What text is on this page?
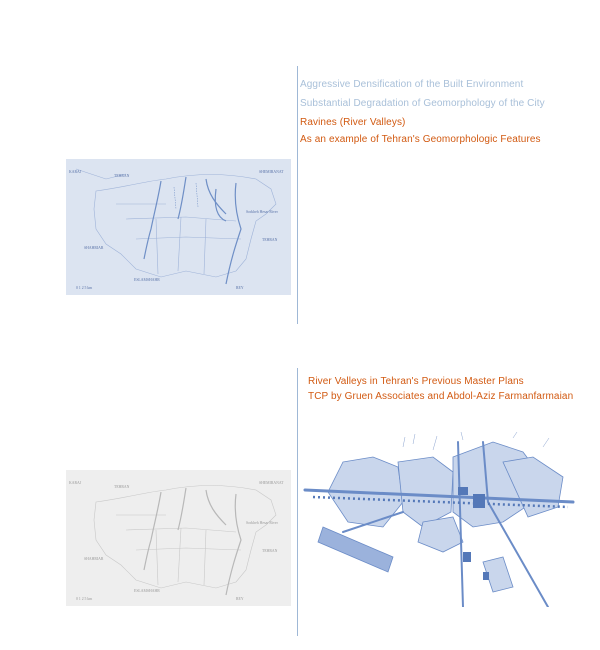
Aggressive Densification of the Built Environment
Substantial Degradation of Geomorphology of the City
Ravines (River Valleys)
As an example of Tehran's Geomorphologic Features
River Valleys in Tehran's Previous Master Plans
TCP by Gruen Associates and Abdol-Aziz Farmanfarmaian
KARAJ
TEHRAN
SHEMIRANAT
SHAHRIAR
TEHRAN
ESLAMSHAHR
REY
Sorkheh Hesar River
0 1 2 5 km
KARAJ
TEHRAN
SHEMIRANAT
SHAHRIAR
TEHRAN
ESLAMSHAHR
REY
Sorkheh Hesar River
0 1 2 5 km
